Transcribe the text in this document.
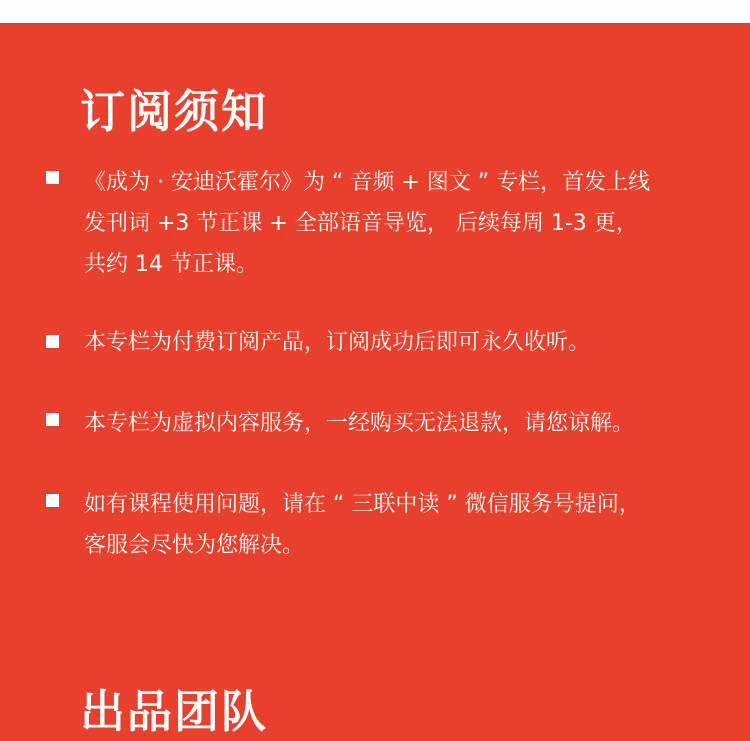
订阅须知
《成为 · 安迪沃霍尔》为 “ 音频 + 图文 ” 专栏，首发上线
发刊词 +3 节正课 + 全部语音导览， 后续每周 1-3 更，
共约 14 节正课。
本专栏为付费订阅产品，订阅成功后即可永久收听。
本专栏为虚拟内容服务，一经购买无法退款，请您谅解。
如有课程使用问题，请在 “ 三联中读 ” 微信服务号提问，
客服会尽快为您解决。
出品团队
